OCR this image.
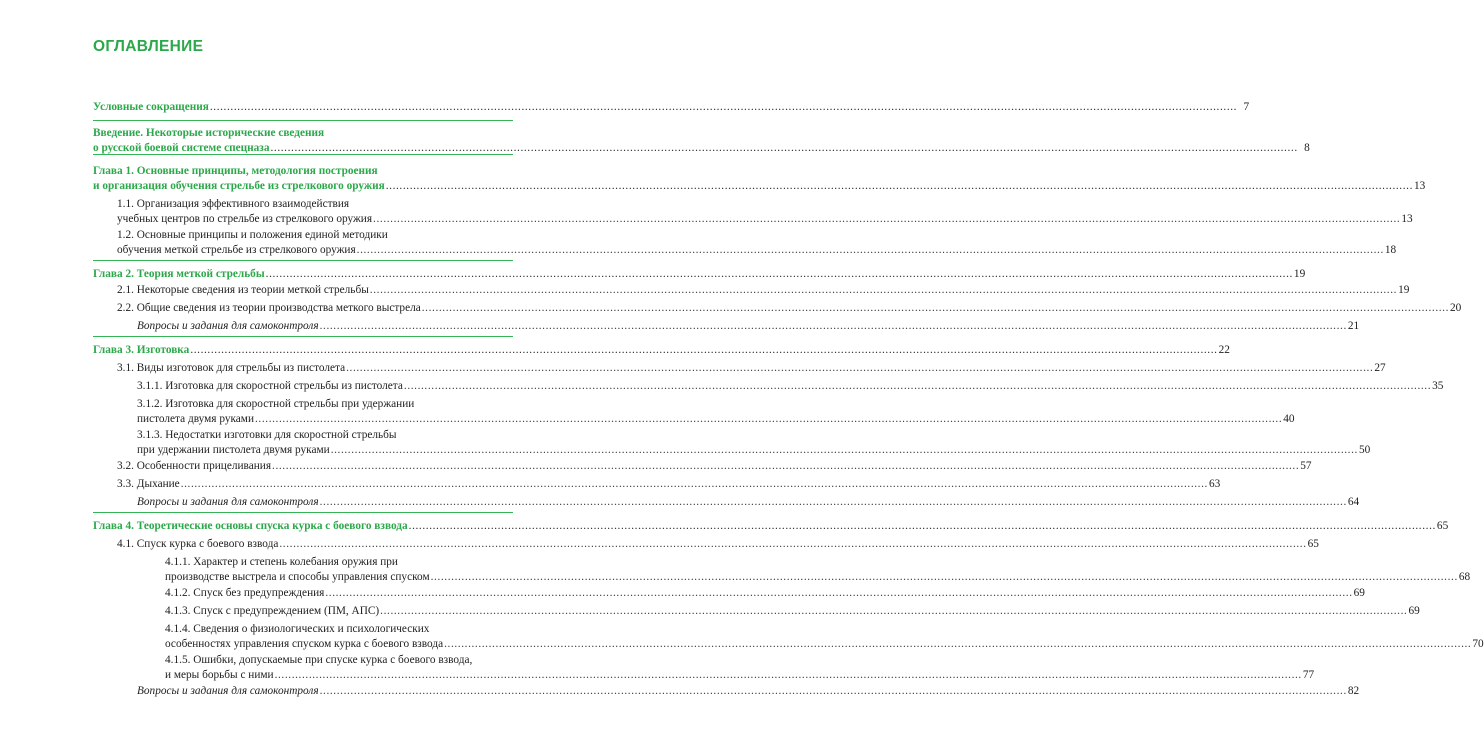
ОГЛАВЛЕНИЕ
Условные сокращения ............................................................................................................................................................................................................................................................................................................ 7
Введение. Некоторые исторические сведения
о русской боевой системе спецназа ............................................................................................................................................................................................................................................................................................................ 8
Глава 1. Основные принципы, методология построения
и организация обучения стрельбе из стрелкового оружия ............................................................................................................................................................................................................................................................................................................ 13
1.1. Организация эффективного взаимодействия
учебных центров по стрельбе из стрелкового оружия ............................................................................................................................................................................................................................................................................................................ 13
1.2. Основные принципы и положения единой методики
обучения меткой стрельбе из стрелкового оружия ............................................................................................................................................................................................................................................................................................................ 18
Глава 2. Теория меткой стрельбы ............................................................................................................................................................................................................................................................................................................ 19
2.1. Некоторые сведения из теории меткой стрельбы ............................................................................................................................................................................................................................................................................................................ 19
2.2. Общие сведения из теории производства меткого выстрела ............................................................................................................................................................................................................................................................................................................ 20
Вопросы и задания для самоконтроля ............................................................................................................................................................................................................................................................................................................ 21
Глава 3. Изготовка ............................................................................................................................................................................................................................................................................................................ 22
3.1. Виды изготовок для стрельбы из пистолета ............................................................................................................................................................................................................................................................................................................ 27
3.1.1. Изготовка для скоростной стрельбы из пистолета ............................................................................................................................................................................................................................................................................................................ 35
3.1.2. Изготовка для скоростной стрельбы при удержании
пистолета двумя руками ............................................................................................................................................................................................................................................................................................................ 40
3.1.3. Недостатки изготовки для скоростной стрельбы
при удержании пистолета двумя руками ............................................................................................................................................................................................................................................................................................................ 50
3.2. Особенности прицеливания ............................................................................................................................................................................................................................................................................................................ 57
3.3. Дыхание ............................................................................................................................................................................................................................................................................................................ 63
Вопросы и задания для самоконтроля ............................................................................................................................................................................................................................................................................................................ 64
Глава 4. Теоретические основы спуска курка с боевого взвода ............................................................................................................................................................................................................................................................................................................ 65
4.1. Спуск курка с боевого взвода ............................................................................................................................................................................................................................................................................................................ 65
4.1.1. Характер и степень колебания оружия при
производстве выстрела и способы управления спуском ............................................................................................................................................................................................................................................................................................................ 68
4.1.2. Спуск без предупреждения ............................................................................................................................................................................................................................................................................................................ 69
4.1.3. Спуск с предупреждением (ПМ, АПС) ............................................................................................................................................................................................................................................................................................................ 69
4.1.4. Сведения о физиологических и психологических
особенностях управления спуском курка с боевого взвода ............................................................................................................................................................................................................................................................................................................ 70
4.1.5. Ошибки, допускаемые при спуске курка с боевого взвода,
и меры борьбы с ними ............................................................................................................................................................................................................................................................................................................ 77
Вопросы и задания для самоконтроля ............................................................................................................................................................................................................................................................................................................ 82
